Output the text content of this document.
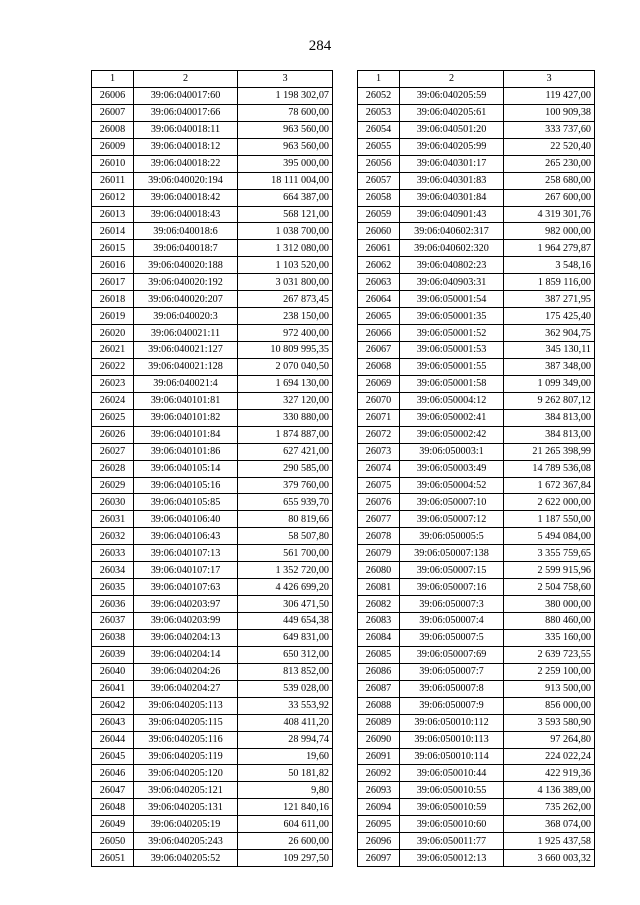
284
1	2	3
26006	39:06:040017:60	1 198 302,07
26007	39:06:040017:66	78 600,00
26008	39:06:040018:11	963 560,00
26009	39:06:040018:12	963 560,00
26010	39:06:040018:22	395 000,00
26011	39:06:040020:194	18 111 004,00
26012	39:06:040018:42	664 387,00
26013	39:06:040018:43	568 121,00
26014	39:06:040018:6	1 038 700,00
26015	39:06:040018:7	1 312 080,00
26016	39:06:040020:188	1 103 520,00
26017	39:06:040020:192	3 031 800,00
26018	39:06:040020:207	267 873,45
26019	39:06:040020:3	238 150,00
26020	39:06:040021:11	972 400,00
26021	39:06:040021:127	10 809 995,35
26022	39:06:040021:128	2 070 040,50
26023	39:06:040021:4	1 694 130,00
26024	39:06:040101:81	327 120,00
26025	39:06:040101:82	330 880,00
26026	39:06:040101:84	1 874 887,00
26027	39:06:040101:86	627 421,00
26028	39:06:040105:14	290 585,00
26029	39:06:040105:16	379 760,00
26030	39:06:040105:85	655 939,70
26031	39:06:040106:40	80 819,66
26032	39:06:040106:43	58 507,80
26033	39:06:040107:13	561 700,00
26034	39:06:040107:17	1 352 720,00
26035	39:06:040107:63	4 426 699,20
26036	39:06:040203:97	306 471,50
26037	39:06:040203:99	449 654,38
26038	39:06:040204:13	649 831,00
26039	39:06:040204:14	650 312,00
26040	39:06:040204:26	813 852,00
26041	39:06:040204:27	539 028,00
26042	39:06:040205:113	33 553,92
26043	39:06:040205:115	408 411,20
26044	39:06:040205:116	28 994,74
26045	39:06:040205:119	19,60
26046	39:06:040205:120	50 181,82
26047	39:06:040205:121	9,80
26048	39:06:040205:131	121 840,16
26049	39:06:040205:19	604 611,00
26050	39:06:040205:243	26 600,00
26051	39:06:040205:52	109 297,50
1	2	3
26052	39:06:040205:59	119 427,00
26053	39:06:040205:61	100 909,38
26054	39:06:040501:20	333 737,60
26055	39:06:040205:99	22 520,40
26056	39:06:040301:17	265 230,00
26057	39:06:040301:83	258 680,00
26058	39:06:040301:84	267 600,00
26059	39:06:040901:43	4 319 301,76
26060	39:06:040602:317	982 000,00
26061	39:06:040602:320	1 964 279,87
26062	39:06:040802:23	3 548,16
26063	39:06:040903:31	1 859 116,00
26064	39:06:050001:54	387 271,95
26065	39:06:050001:35	175 425,40
26066	39:06:050001:52	362 904,75
26067	39:06:050001:53	345 130,11
26068	39:06:050001:55	387 348,00
26069	39:06:050001:58	1 099 349,00
26070	39:06:050004:12	9 262 807,12
26071	39:06:050002:41	384 813,00
26072	39:06:050002:42	384 813,00
26073	39:06:050003:1	21 265 398,99
26074	39:06:050003:49	14 789 536,08
26075	39:06:050004:52	1 672 367,84
26076	39:06:050007:10	2 622 000,00
26077	39:06:050007:12	1 187 550,00
26078	39:06:050005:5	5 494 084,00
26079	39:06:050007:138	3 355 759,65
26080	39:06:050007:15	2 599 915,96
26081	39:06:050007:16	2 504 758,60
26082	39:06:050007:3	380 000,00
26083	39:06:050007:4	880 460,00
26084	39:06:050007:5	335 160,00
26085	39:06:050007:69	2 639 723,55
26086	39:06:050007:7	2 259 100,00
26087	39:06:050007:8	913 500,00
26088	39:06:050007:9	856 000,00
26089	39:06:050010:112	3 593 580,90
26090	39:06:050010:113	97 264,80
26091	39:06:050010:114	224 022,24
26092	39:06:050010:44	422 919,36
26093	39:06:050010:55	4 136 389,00
26094	39:06:050010:59	735 262,00
26095	39:06:050010:60	368 074,00
26096	39:06:050011:77	1 925 437,58
26097	39:06:050012:13	3 660 003,32
